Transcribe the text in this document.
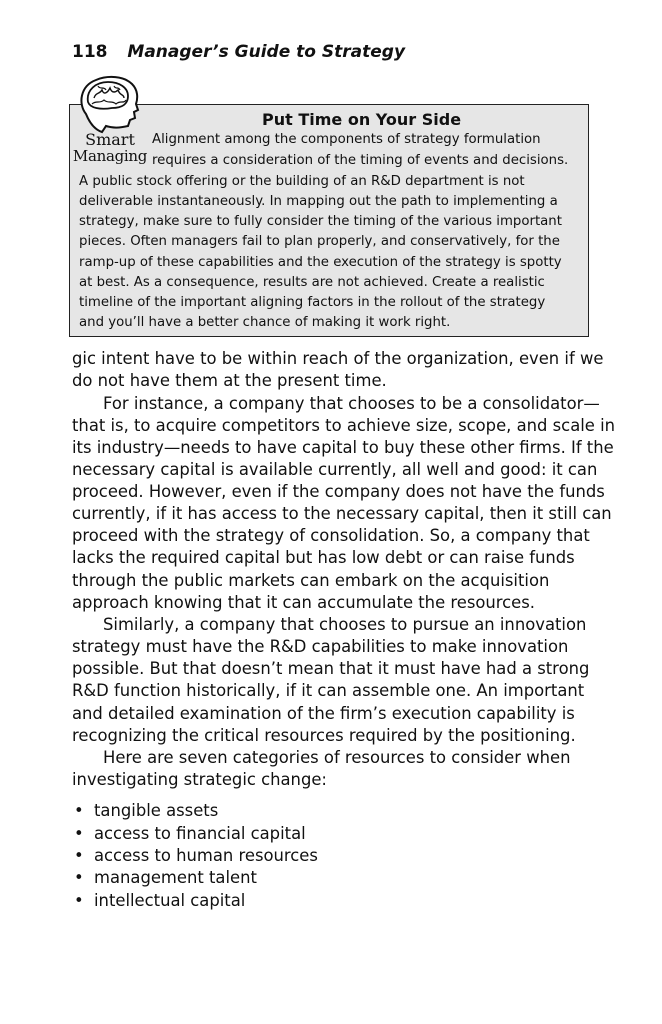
118 Manager’s Guide to Strategy
Smart
Managing
Put Time on Your Side
Alignment among the components of strategy formulation
requires a consideration of the timing of events and decisions.
A public stock offering or the building of an R&D department is not
deliverable instantaneously. In mapping out the path to implementing a
strategy, make sure to fully consider the timing of the various important
pieces. Often managers fail to plan properly, and conservatively, for the
ramp-up of these capabilities and the execution of the strategy is spotty
at best. As a consequence, results are not achieved. Create a realistic
timeline of the important aligning factors in the rollout of the strategy
and you’ll have a better chance of making it work right.
gic intent have to be within reach of the organization, even if we
do not have them at the present time.
For instance, a company that chooses to be a consolidator—
that is, to acquire competitors to achieve size, scope, and scale in
its industry—needs to have capital to buy these other firms. If the
necessary capital is available currently, all well and good: it can
proceed. However, even if the company does not have the funds
currently, if it has access to the necessary capital, then it still can
proceed with the strategy of consolidation. So, a company that
lacks the required capital but has low debt or can raise funds
through the public markets can embark on the acquisition
approach knowing that it can accumulate the resources.
Similarly, a company that chooses to pursue an innovation
strategy must have the R&D capabilities to make innovation
possible. But that doesn’t mean that it must have had a strong
R&D function historically, if it can assemble one. An important
and detailed examination of the firm’s execution capability is
recognizing the critical resources required by the positioning.
Here are seven categories of resources to consider when
investigating strategic change:
• tangible assets
• access to financial capital
• access to human resources
• management talent
• intellectual capital
